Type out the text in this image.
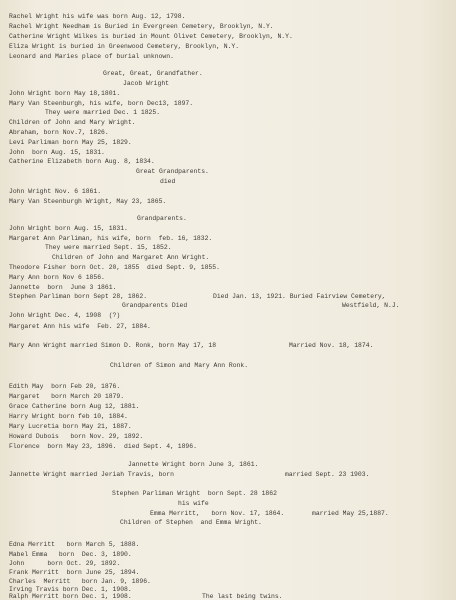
Rachel Wright his wife was born Aug. 12, 1798.
Rachel Wright Needham is Buried in Evergreen Cemetery, Brooklyn, N.Y.
Catherine Wright Wilkes is buried in Mount Olivet Cemetery, Brooklyn, N.Y.
Eliza Wright is buried in Greenwood Cemetery, Brooklyn, N.Y.
Leonard and Maries place of burial unknown.
Great, Great, Grandfather.
Jacob Wright
John Wright born May 18,1801.
Mary Van Steenburgh, his wife, born Dec13, 1897.
They were married Dec. 1 1825.
Children of John and Mary Wright.
Abraham, born Nov.7, 1826.
Levi Parliman born May 25, 1829.
John  born Aug. 15, 1831.
Catherine Elizabeth born Aug. 8, 1834.
Great Grandparents.
died
John Wright Nov. 6 1861.
Mary Van Steenburgh Wright, May 23, 1865.
Grandparents.
John Wright born Aug. 15, 1831.
Margaret Ann Parliman, his wife, born  feb. 16, 1832.
They were married Sept. 15, 1852.
Children of John and Margaret Ann Wright.
Theodore Fisher born Oct. 20, 1855  died Sept. 9, 1855.
Mary Ann born Nov 6 1856.
Jannette  born  June 3 1861.
Stephen Parliman born Sept 28, 1862.	Died Jan. 13, 1921. Buried Fairview Cemetery,
Grandparents Died	Westfield, N.J.
John Wright Dec. 4, 1908  (?)
Margaret Ann his wife  Feb. 27, 1884.
Mary Ann Wright married Simon D. Ronk, born May 17, 18	Married Nov. 18, 1874.
Children of Simon and Mary Ann Ronk.
Edith May  born Feb 20, 1876.
Margaret   born March 20 1879.
Grace Catherine born Aug 12, 1881.
Harry Wright born feb 10, 1884.
Mary Lucretia born May 21, 1887.
Howard Dubois   born Nov. 29, 1892.
Florence  born May 23, 1896.  died Sept. 4, 1896.
Jannette Wright born June 3, 1861.
Jannette Wright married Jeriah Travis, born	married Sept. 23 1903.
Stephen Parliman Wright  born Sept. 28 1862
his wife
Emma Merritt,   born Nov. 17, 1864.	married May 25,1887.
Children of Stephen  and Emma Wright.
Edna Merritt   born March 5, 1888.
Mabel Emma   born  Dec. 3, 1890.
John      born Oct. 29, 1892.
Frank Merritt  born June 25, 1894.
Charles  Merritt   born Jan. 9, 1896.
Irving Travis born Dec. 1, 1908.
Ralph Merritt born Dec. 1, 1908.	The last being twins.
